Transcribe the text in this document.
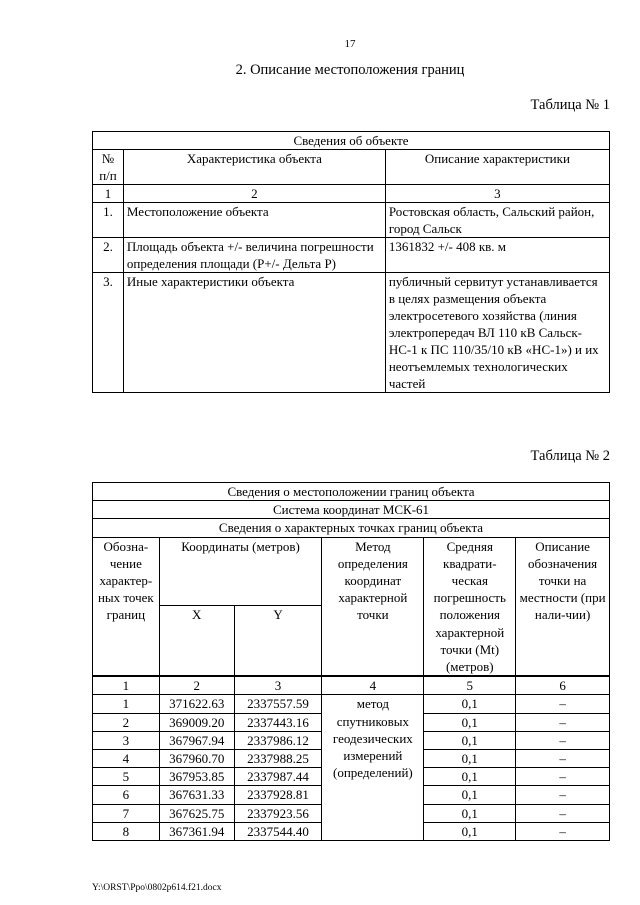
17
2. Описание местоположения границ
Таблица № 1
Сведения об объекте		
№ п/п	Характеристика объекта	Описание характеристики
1	2	3
1.	Местоположение объекта	Ростовская область, Сальский район, город Сальск
2.	Площадь объекта +/- величина погрешности определения площади (P+/- Дельта P)	1361832 +/- 408 кв. м
3.	Иные характеристики объекта	публичный сервитут устанавливается в целях размещения объекта электросетевого хозяйства (линия электропередач ВЛ 110 кВ Сальск-НС-1 к ПС 110/35/10 кВ «НС-1») и их неотъемлемых технологических частей
Таблица № 2
Сведения о местоположении границ объекта					
Система координат МСК-61					
Сведения о характерных точках границ объекта					
Обозна-чение характер-ных точек границ	Координаты (метров)		Метод определения координат характерной точки	Средняя квадрати-ческая погрешность положения характерной точки (Mt) (метров)	Описание обозначения точки на местности (при нали-чии)
	X	Y			
1	2	3	4	5	6
1	371622.63	2337557.59	метод спутниковых геодезических измерений (определений)	0,1	–
2	369009.20	2337443.16		0,1	–
3	367967.94	2337986.12		0,1	–
4	367960.70	2337988.25		0,1	–
5	367953.85	2337987.44		0,1	–
6	367631.33	2337928.81		0,1	–
7	367625.75	2337923.56		0,1	–
8	367361.94	2337544.40		0,1	–
Y:\ORST\Ppo\0802p614.f21.docx
